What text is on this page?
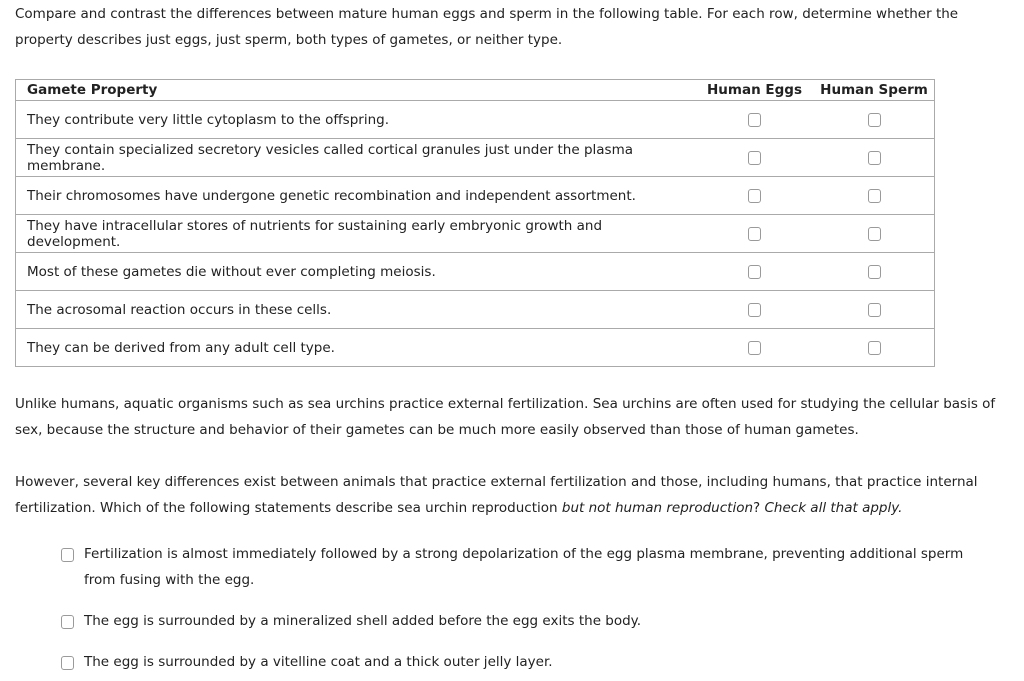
Compare and contrast the differences between mature human eggs and sperm in the following table. For each row, determine whether the property describes just eggs, just sperm, both types of gametes, or neither type.

Gamete Property	Human Eggs	Human Sperm
They contribute very little cytoplasm to the offspring.		
They contain specialized secretory vesicles called cortical granules just under the plasma membrane.		
Their chromosomes have undergone genetic recombination and independent assortment.		
They have intracellular stores of nutrients for sustaining early embryonic growth and development.		
Most of these gametes die without ever completing meiosis.		
The acrosomal reaction occurs in these cells.		
They can be derived from any adult cell type.		

Unlike humans, aquatic organisms such as sea urchins practice external fertilization. Sea urchins are often used for studying the cellular basis of sex, because the structure and behavior of their gametes can be much more easily observed than those of human gametes.

However, several key differences exist between animals that practice external fertilization and those, including humans, that practice internal fertilization. Which of the following statements describe sea urchin reproduction but not human reproduction? Check all that apply.

Fertilization is almost immediately followed by a strong depolarization of the egg plasma membrane, preventing additional sperm from fusing with the egg.
The egg is surrounded by a mineralized shell added before the egg exits the body.
The egg is surrounded by a vitelline coat and a thick outer jelly layer.
